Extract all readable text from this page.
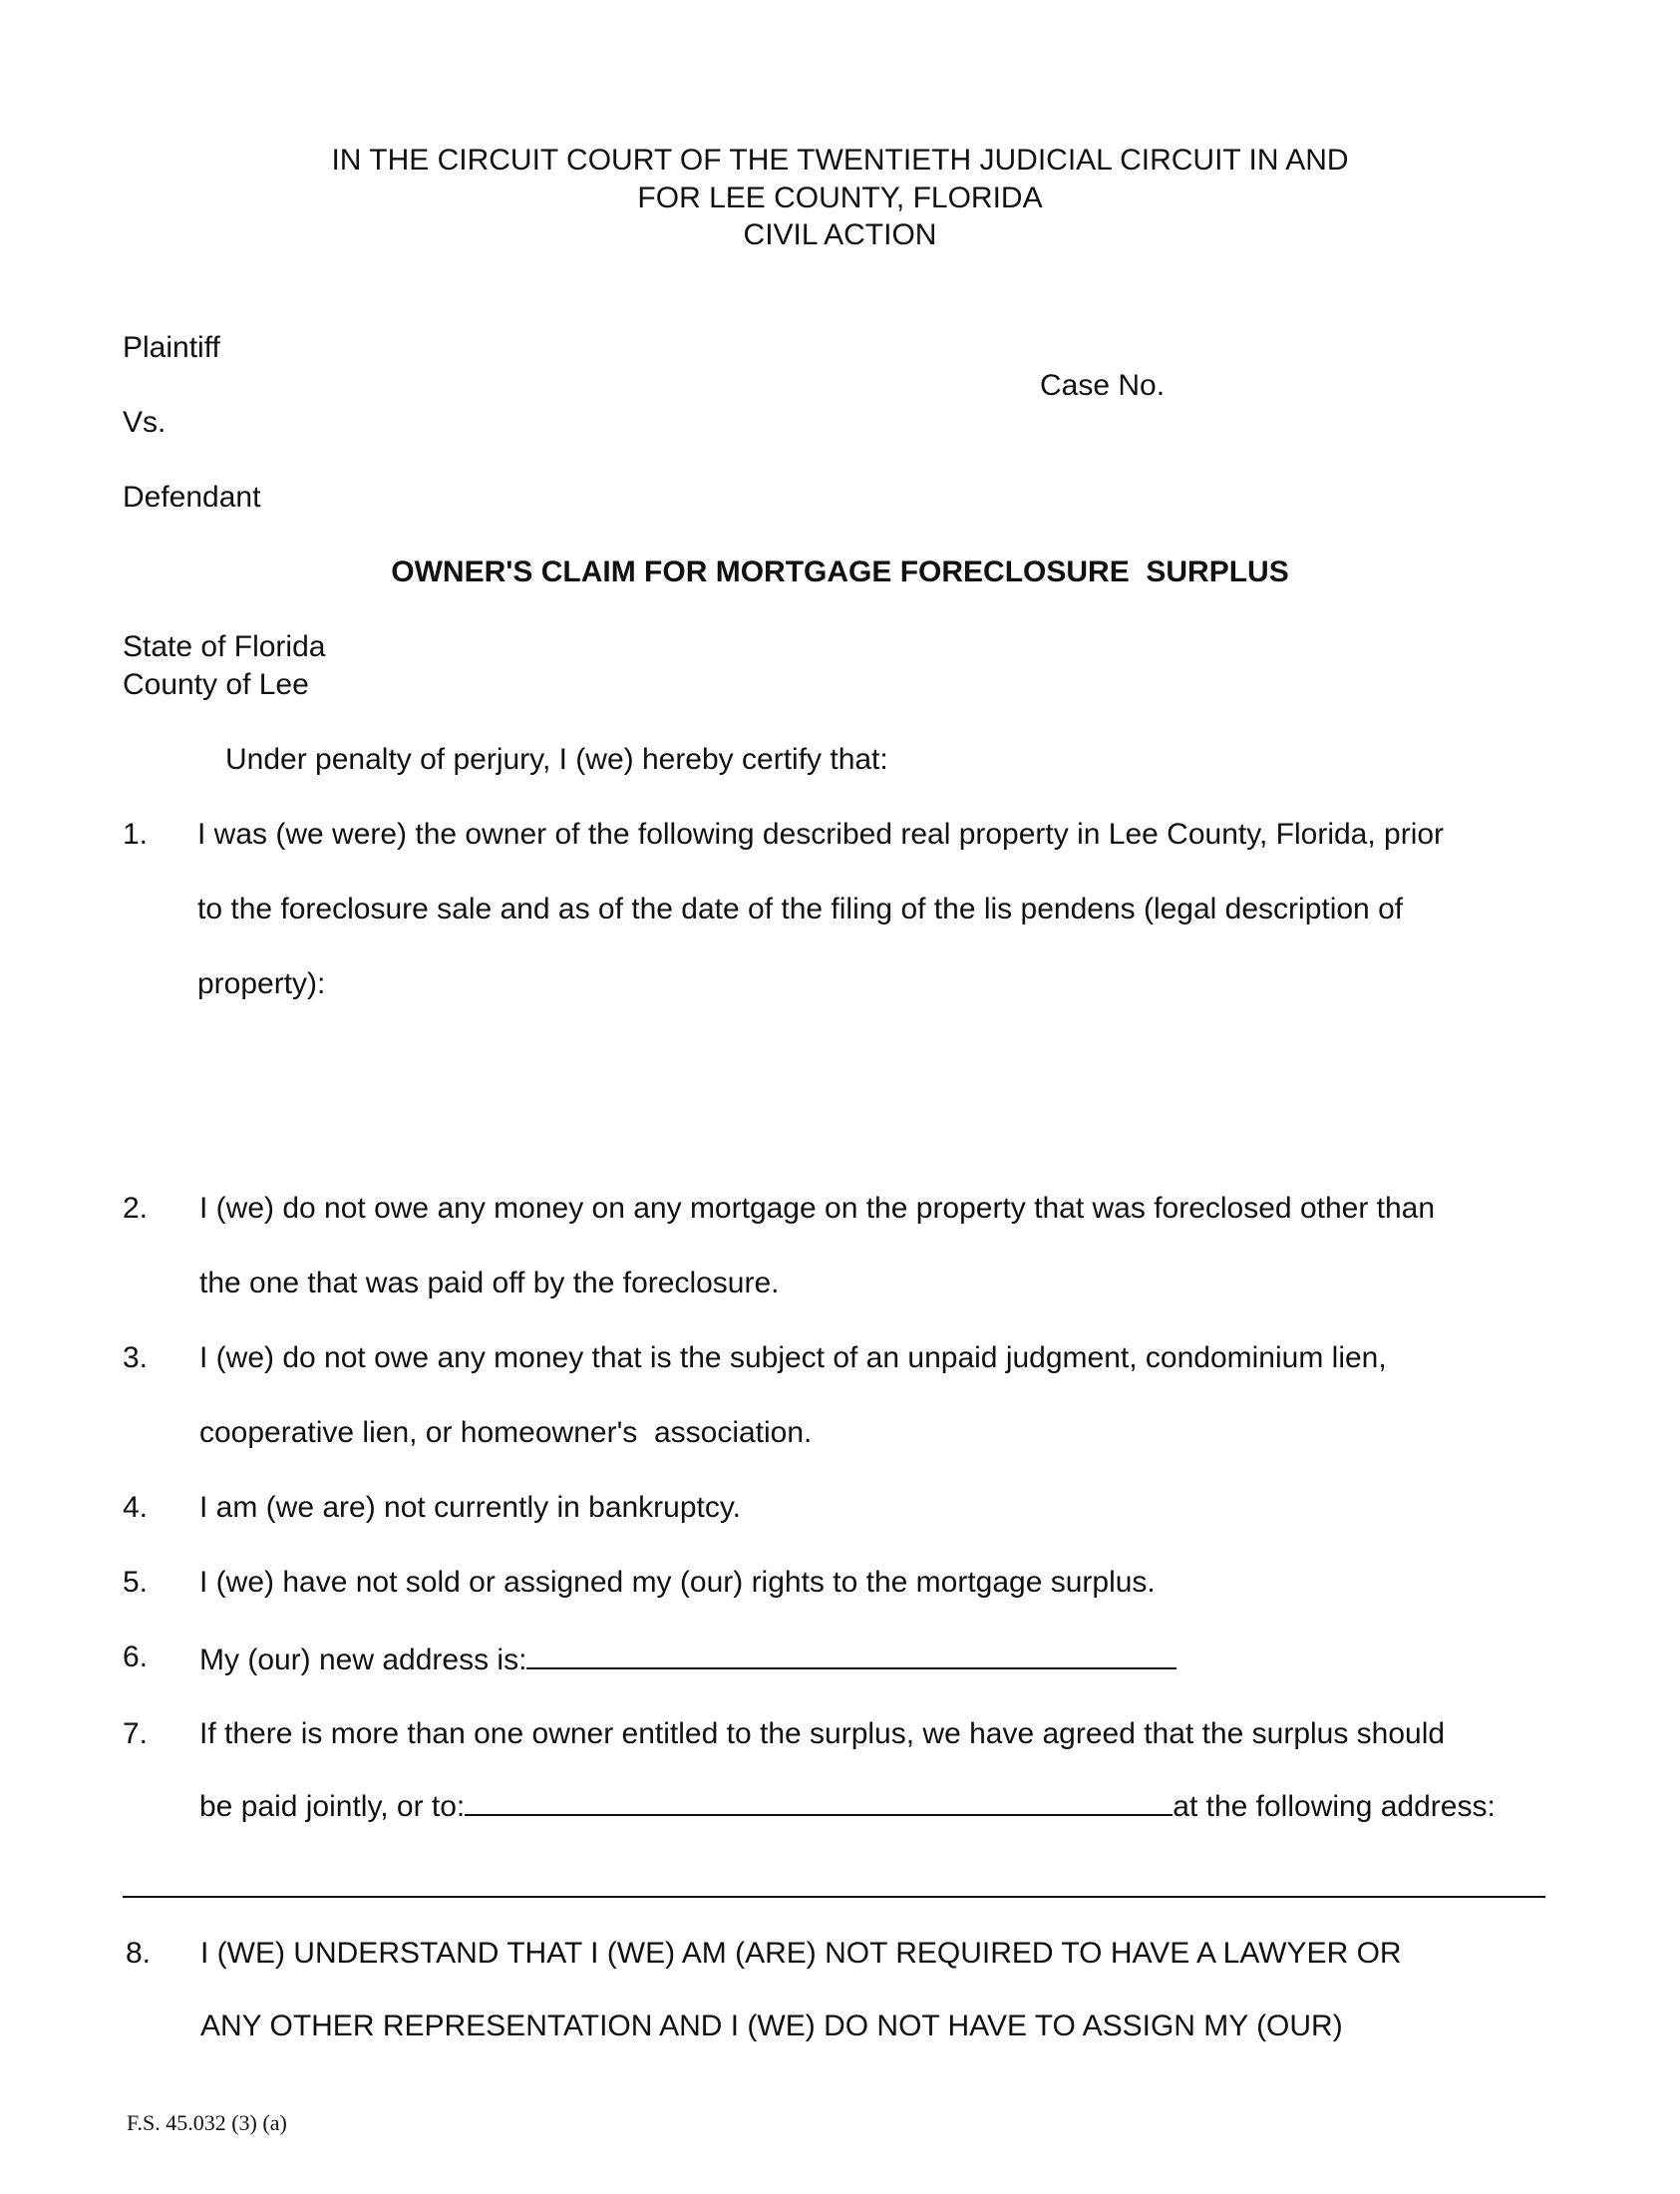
IN THE CIRCUIT COURT OF THE TWENTIETH JUDICIAL CIRCUIT IN AND
FOR LEE COUNTY, FLORIDA
CIVIL ACTION
Plaintiff
Case No.
Vs.
Defendant
OWNER'S CLAIM FOR MORTGAGE FORECLOSURE  SURPLUS
State of Florida
County of Lee
Under penalty of perjury, I (we) hereby certify that:
1. I was (we were) the owner of the following described real property in Lee County, Florida, prior
to the foreclosure sale and as of the date of the filing of the lis pendens (legal description of
property):
2. I (we) do not owe any money on any mortgage on the property that was foreclosed other than
the one that was paid off by the foreclosure.
3. I (we) do not owe any money that is the subject of an unpaid judgment, condominium lien,
cooperative lien, or homeowner's  association.
4. I am (we are) not currently in bankruptcy.
5. I (we) have not sold or assigned my (our) rights to the mortgage surplus.
6. My (our) new address is:
7. If there is more than one owner entitled to the surplus, we have agreed that the surplus should
be paid jointly, or to:	at the following address:
8. I (WE) UNDERSTAND THAT I (WE) AM (ARE) NOT REQUIRED TO HAVE A LAWYER OR
ANY OTHER REPRESENTATION AND I (WE) DO NOT HAVE TO ASSIGN MY (OUR)
F.S. 45.032 (3) (a)
